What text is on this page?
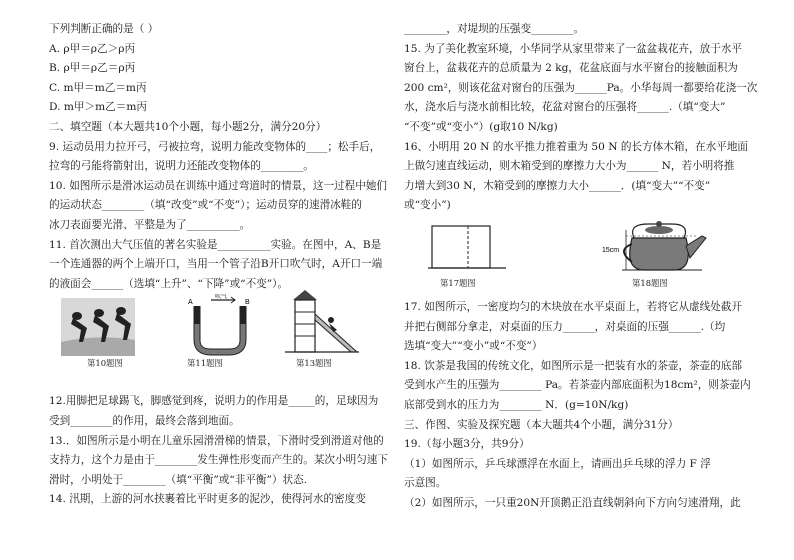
下列判断正确的是（ ）
A. ρ甲＝ρ乙＞ρ丙
B. ρ甲＝ρ乙＝ρ丙
C. m甲＝m乙＝m丙
D. m甲＞m乙＝m丙
二、填空题（本大题共10个小题，每小题2分，满分20分）
9. 运动员用力拉开弓，弓被拉弯，说明力能改变物体的____；松手后，
拉弯的弓能将箭射出，说明力还能改变物体的________。
10. 如图所示是滑冰运动员在训练中通过弯道时的情景，这一过程中她们
的运动状态________（填“改变”或“不变”）；运动员穿的速滑冰鞋的
冰刀表面要光滑、平整是为了__________。
11. 首次测出大气压值的著名实验是__________实验。在图中，A、B是
一个连通器的两个上端开口，当用一个管子沿B开口吹气时，A开口一端
的液面会______（选填“上升”、“下降”或“不变”）。
第10题图
A	B
吹气
第11题图	第13题图
12.用脚把足球踢飞，脚感觉到疼，说明力的作用是_____的，足球因为
受到________的作用，最终会落到地面。
13.．如图所示是小明在儿童乐园滑滑梯的情景，下滑时受到滑道对他的
支持力，这个力是由于________发生弹性形变而产生的。某次小明匀速下
滑时，小明处于________（填“平衡”或“非平衡”）状态.
14. 汛期，上游的河水挟裹着比平时更多的泥沙，使得河水的密度变
________，对堤坝的压强变________。
15. 为了美化教室环境，小华同学从家里带来了一盆盆栽花卉，放于水平
窗台上，盆栽花卉的总质量为 2 kg，花盆底面与水平窗台的接触面积为
200 cm²，则该花盆对窗台的压强为______Pa。小华每周一都要给花浇一次
水，浇水后与浇水前相比较，花盆对窗台的压强将______.（填“变大”
“不变”或“变小”）(g取10 N/kg)
16、小明用 20 N 的水平推力推着重为 50 N 的长方体木箱，在水平地面
上做匀速直线运动，则木箱受到的摩擦力大小为______ N，若小明将推
力增大到30 N，木箱受到的摩擦力大小______．(填“变大”“不变”
或“变小”)
第17题图
15cm
第18题图
17. 如图所示，一密度均匀的木块放在水平桌面上，若将它从虚线处截开
并把右侧部分拿走，对桌面的压力______，对桌面的压强______.（均
选填“变大”“变小”或“不变”）
18. 饮茶是我国的传统文化，如图所示是一把装有水的茶壶，茶壶的底部
受到水产生的压强为________ Pa。若茶壶内部底面积为18cm²，则茶壶内
底部受到水的压力为________ N．(g=10N/kg)
三、作图、实验及探究题（本大题共4个小题，满分31分）
19.（每小题3分，共9分）
（1）如图所示，乒乓球漂浮在水面上，请画出乒乓球的浮力 F 浮
示意图。
（2）如图所示，一只重20N开顶鹅正沿直线朝斜向下方向匀速滑翔，此
